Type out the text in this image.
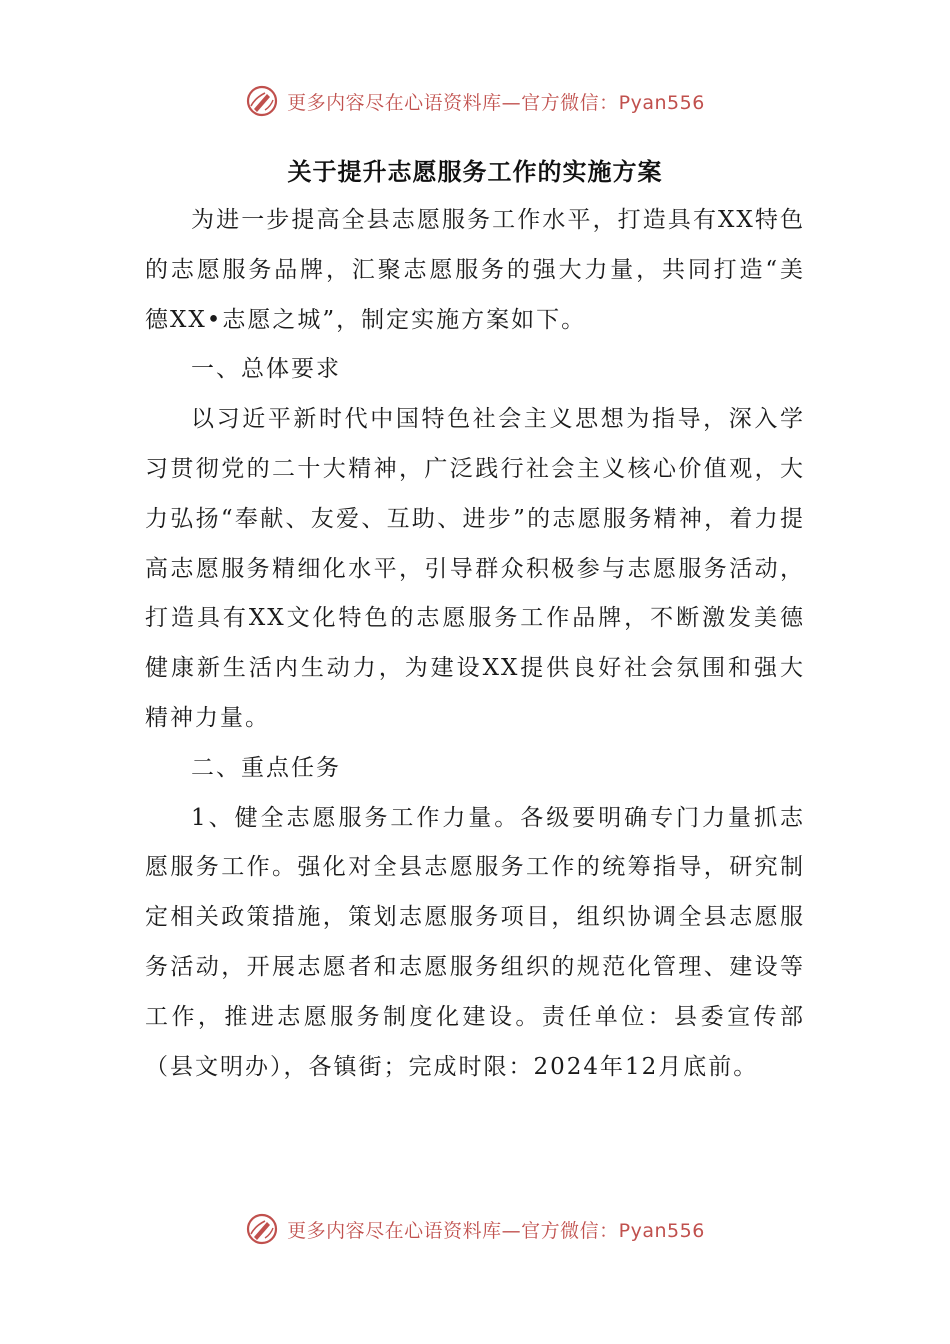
更多内容尽在心语资料库—官方微信：Pyan556
关于提升志愿服务工作的实施方案

为进一步提高全县志愿服务工作水平，打造具有XX特色的志愿服务品牌，汇聚志愿服务的强大力量，共同打造“美德XX•志愿之城”，制定实施方案如下。

一、总体要求

以习近平新时代中国特色社会主义思想为指导，深入学习贯彻党的二十大精神，广泛践行社会主义核心价值观，大力弘扬“奉献、友爱、互助、进步”的志愿服务精神，着力提高志愿服务精细化水平，引导群众积极参与志愿服务活动，打造具有XX文化特色的志愿服务工作品牌，不断激发美德健康新生活内生动力，为建设XX提供良好社会氛围和强大精神力量。

二、重点任务

1、健全志愿服务工作力量。各级要明确专门力量抓志愿服务工作。强化对全县志愿服务工作的统筹指导，研究制定相关政策措施，策划志愿服务项目，组织协调全县志愿服务活动，开展志愿者和志愿服务组织的规范化管理、建设等工作，推进志愿服务制度化建设。责任单位：县委宣传部（县文明办），各镇街；完成时限：2024年12月底前。

更多内容尽在心语资料库—官方微信：Pyan556
